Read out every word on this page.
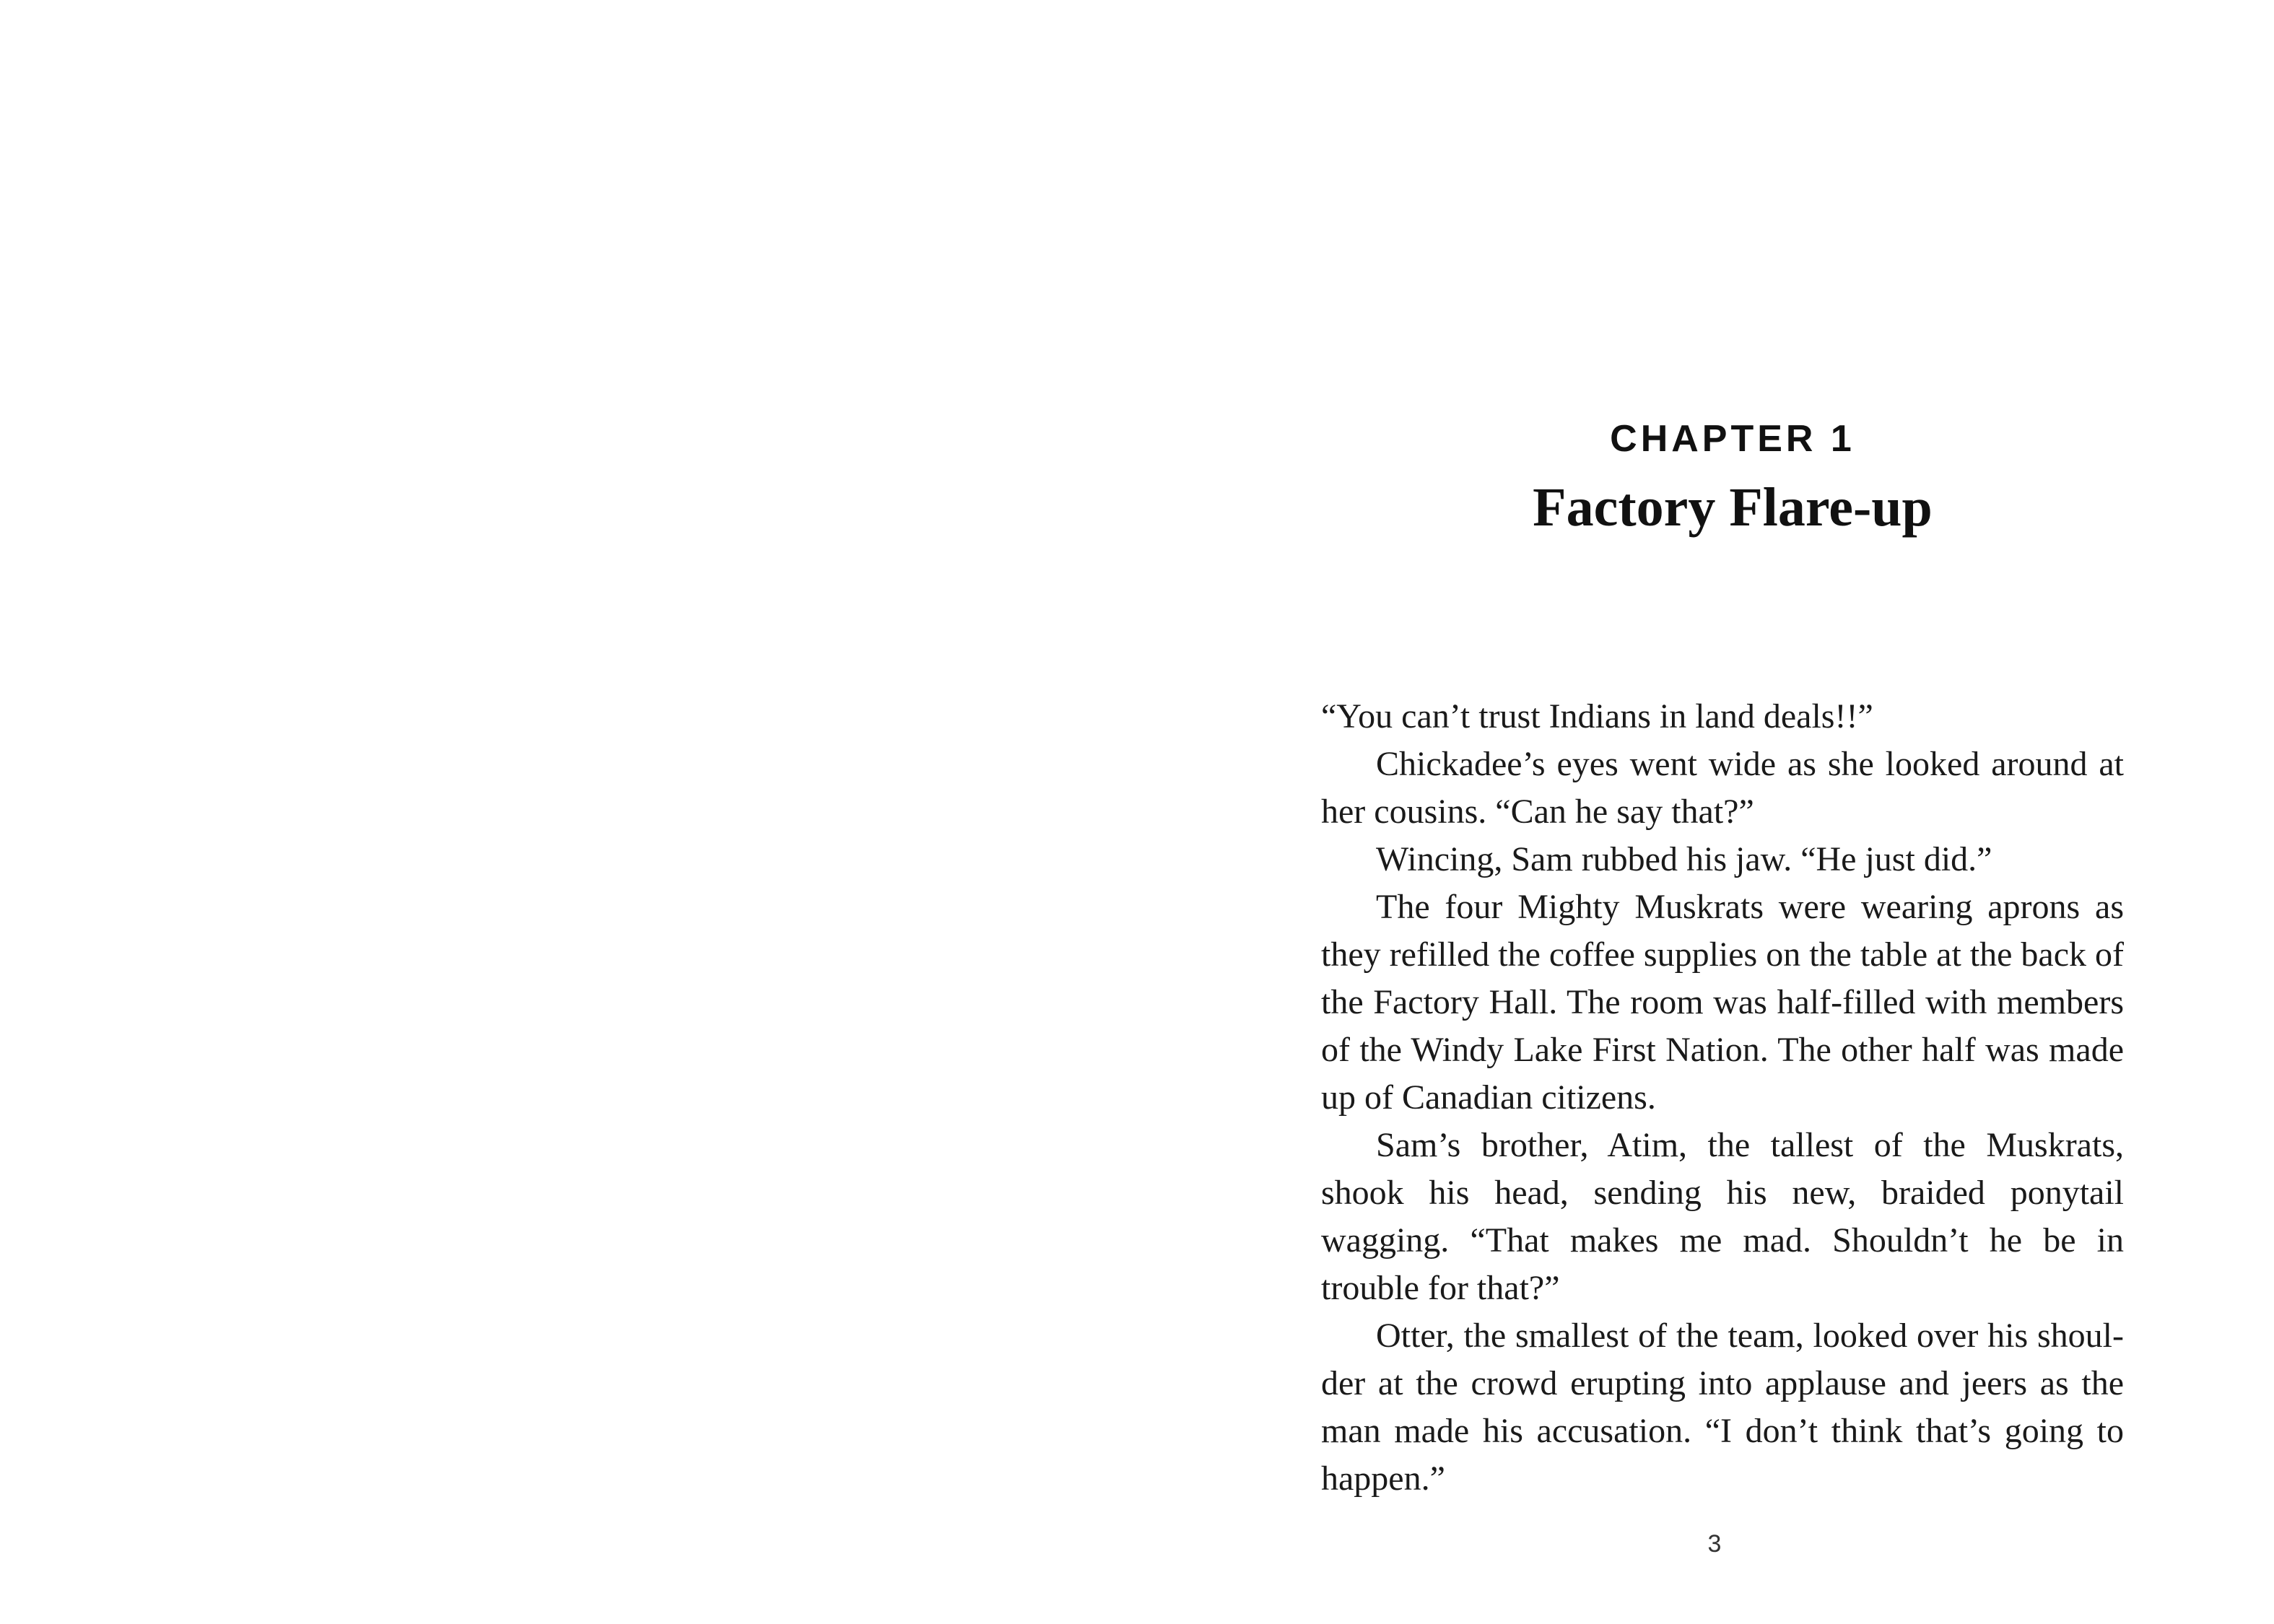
CHAPTER 1
Factory Flare-up

“You can’t trust Indians in land deals!!”

Chickadee’s eyes went wide as she looked around at her cousins. “Can he say that?”

Wincing, Sam rubbed his jaw. “He just did.”

The four Mighty Muskrats were wearing aprons as they refilled the coffee supplies on the table at the back of the Factory Hall. The room was half-filled with members of the Windy Lake First Nation. The other half was made up of Canadian citizens.

Sam’s brother, Atim, the tallest of the Muskrats, shook his head, sending his new, braided ponytail wagging. “That makes me mad. Shouldn’t he be in trouble for that?”

Otter, the smallest of the team, looked over his shoulder at the crowd erupting into applause and jeers as the man made his accusation. “I don’t think that’s going to happen.”

3
